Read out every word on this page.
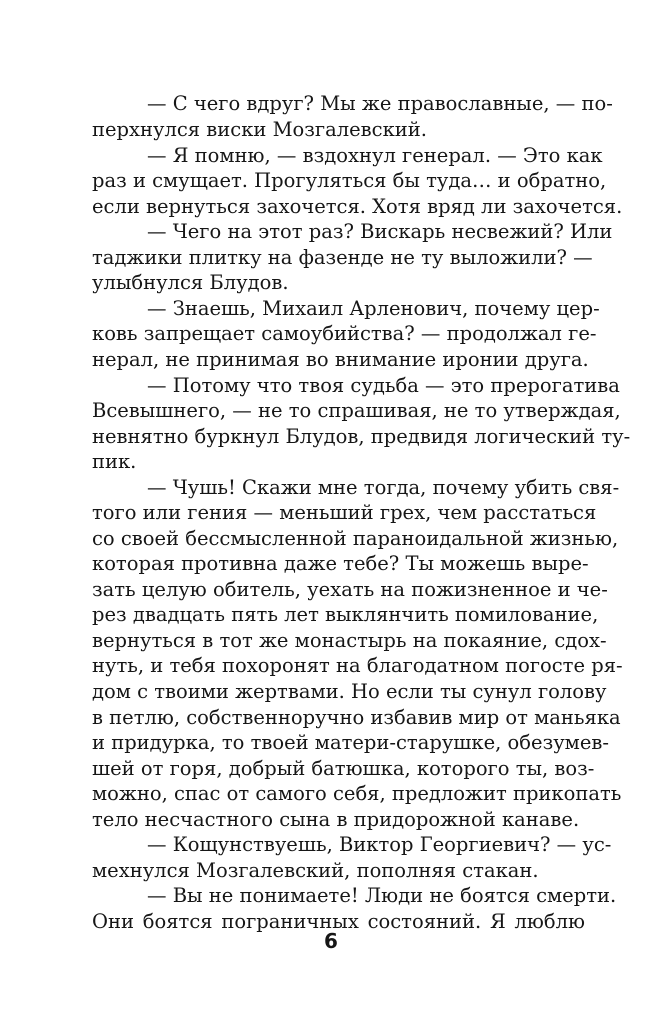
— С чего вдруг? Мы же православные, — по-
перхнулся виски Мозгалевский.
— Я помню, — вздохнул генерал. — Это как
раз и смущает. Прогуляться бы туда… и обратно,
если вернуться захочется. Хотя вряд ли захочется.
— Чего на этот раз? Вискарь несвежий? Или
таджики плитку на фазенде не ту выложили? —
улыбнулся Блудов.
— Знаешь, Михаил Арленович, почему цер-
ковь запрещает самоубийства? — продолжал ге-
нерал, не принимая во внимание иронии друга.
— Потому что твоя судьба — это прерогатива
Всевышнего, — не то спрашивая, не то утверждая,
невнятно буркнул Блудов, предвидя логический ту-
пик.
— Чушь! Скажи мне тогда, почему убить свя-
того или гения — меньший грех, чем расстаться
со своей бессмысленной параноидальной жизнью,
которая противна даже тебе? Ты можешь выре-
зать целую обитель, уехать на пожизненное и че-
рез двадцать пять лет выклянчить помилование,
вернуться в тот же монастырь на покаяние, сдох-
нуть, и тебя похоронят на благодатном погосте ря-
дом с твоими жертвами. Но если ты сунул голову
в петлю, собственноручно избавив мир от маньяка
и придурка, то твоей матери-старушке, обезумев-
шей от горя, добрый батюшка, которого ты, воз-
можно, спас от самого себя, предложит прикопать
тело несчастного сына в придорожной канаве.
— Кощунствуешь, Виктор Георгиевич? — ус-
мехнулся Мозгалевский, пополняя стакан.
— Вы не понимаете! Люди не боятся смерти.
Они боятся пограничных состояний. Я люблю
6
